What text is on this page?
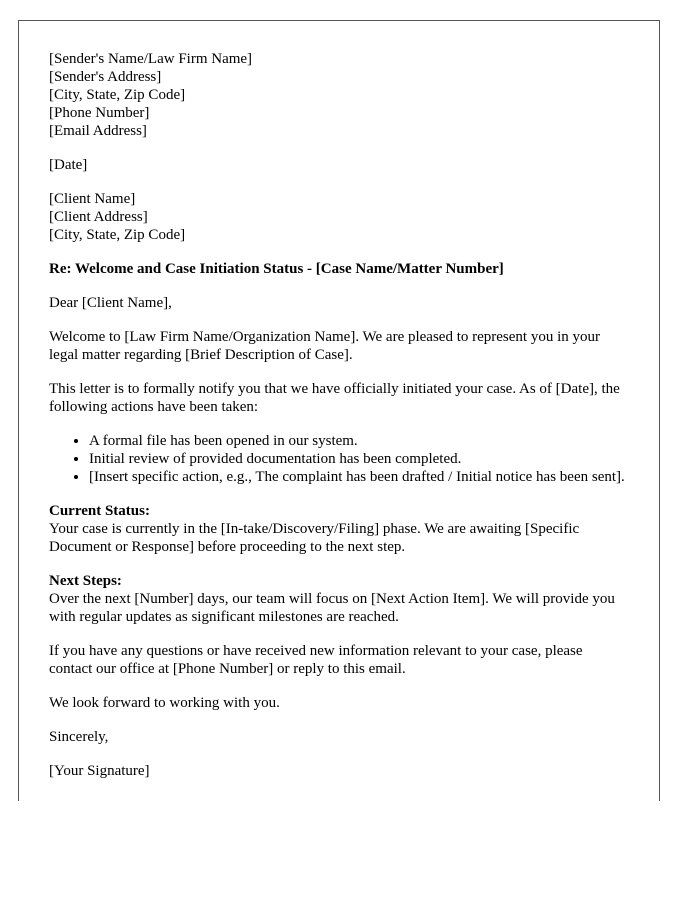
[Sender's Name/Law Firm Name]
[Sender's Address]
[City, State, Zip Code]
[Phone Number]
[Email Address]
[Date]
[Client Name]
[Client Address]
[City, State, Zip Code]

Re: Welcome and Case Initiation Status - [Case Name/Matter Number]

Dear [Client Name],

Welcome to [Law Firm Name/Organization Name]. We are pleased to represent you in your legal matter regarding [Brief Description of Case].

This letter is to formally notify you that we have officially initiated your case. As of [Date], the following actions have been taken:

• A formal file has been opened in our system.
• Initial review of provided documentation has been completed.
• [Insert specific action, e.g., The complaint has been drafted / Initial notice has been sent].
Current Status:
Your case is currently in the [In-take/Discovery/Filing] phase. We are awaiting [Specific Document or Response] before proceeding to the next step.
Next Steps:
Over the next [Number] days, our team will focus on [Next Action Item]. We will provide you with regular updates as significant milestones are reached.

If you have any questions or have received new information relevant to your case, please contact our office at [Phone Number] or reply to this email.

We look forward to working with you.

Sincerely,

[Your Signature]
